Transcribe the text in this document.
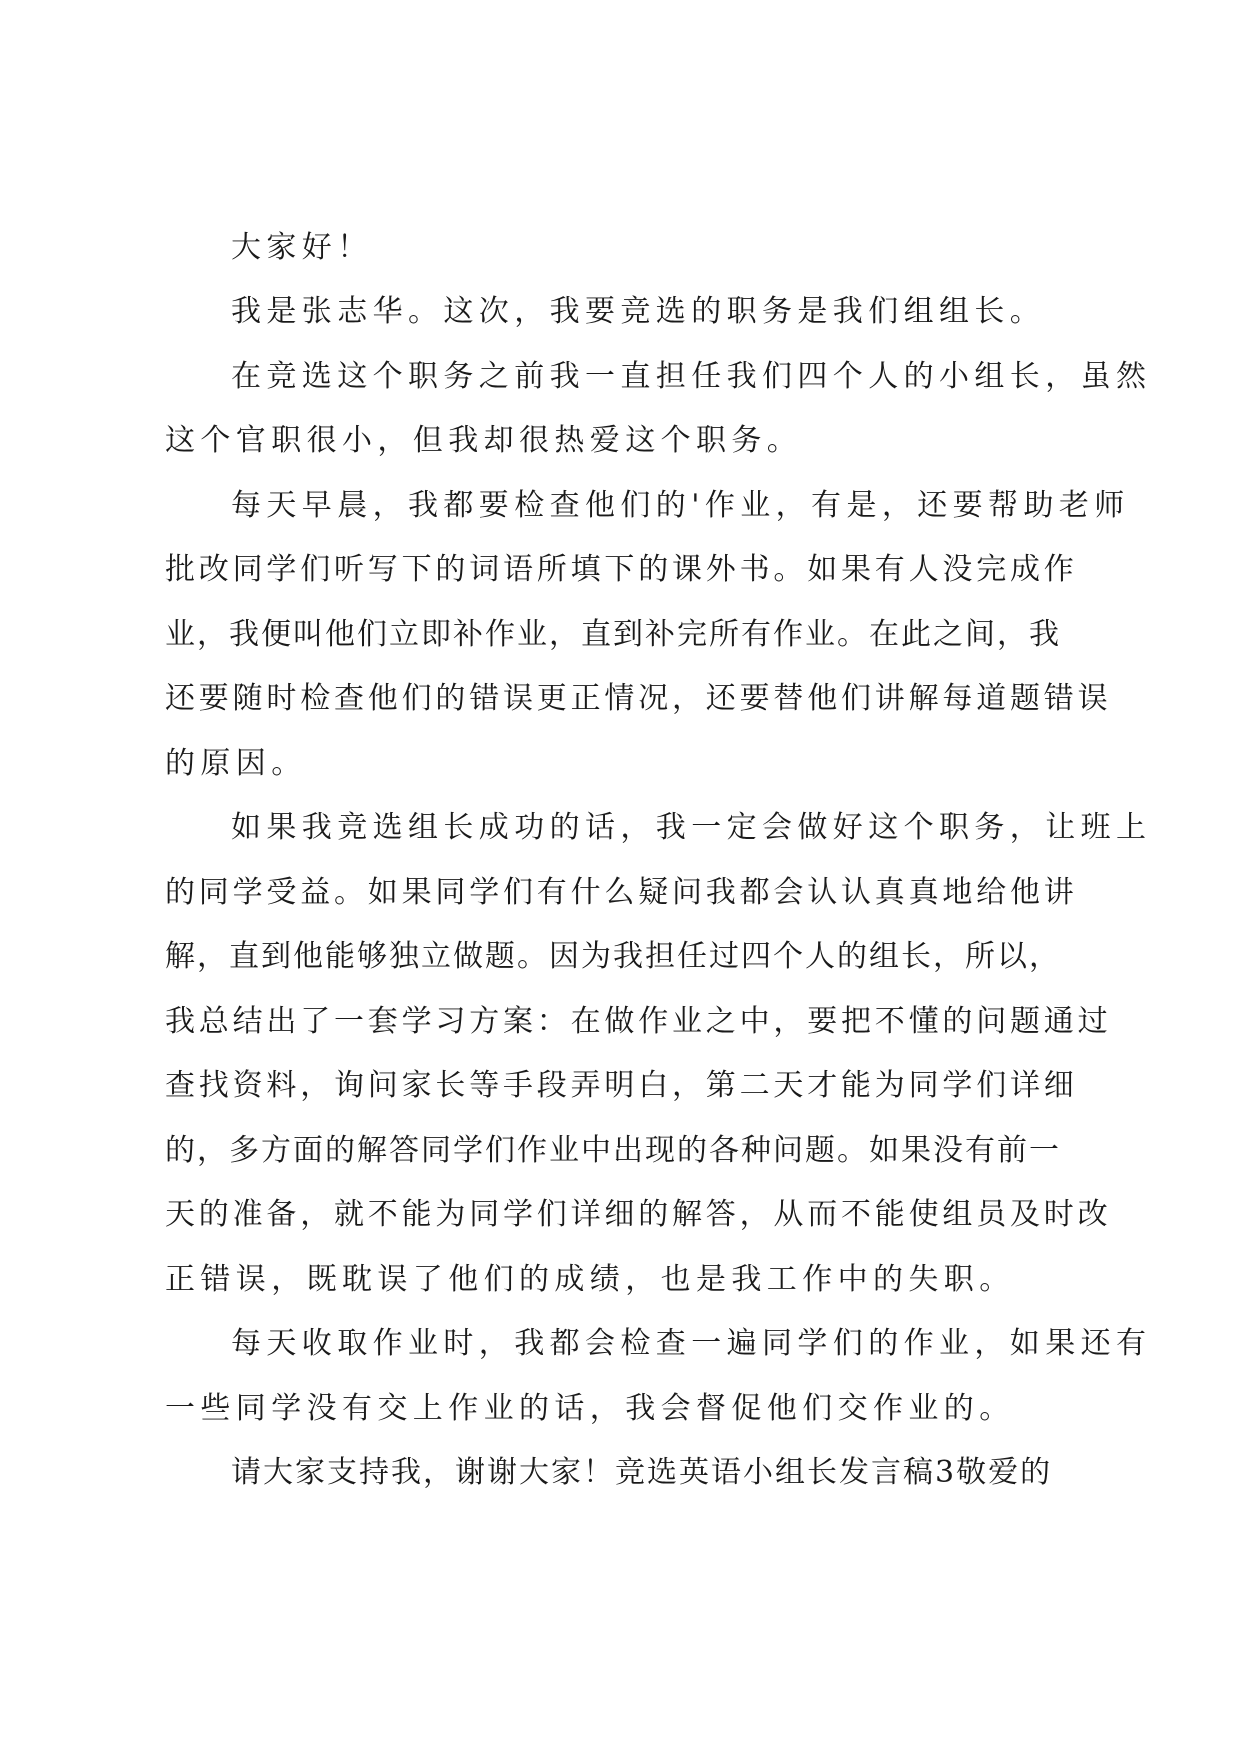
大家好！
我是张志华。这次，我要竞选的职务是我们组组长。
在竞选这个职务之前我一直担任我们四个人的小组长，虽然
这个官职很小，但我却很热爱这个职务。
每天早晨，我都要检查他们的'作业，有是，还要帮助老师
批改同学们听写下的词语所填下的课外书。如果有人没完成作
业，我便叫他们立即补作业，直到补完所有作业。在此之间，我
还要随时检查他们的错误更正情况，还要替他们讲解每道题错误
的原因。
如果我竞选组长成功的话，我一定会做好这个职务，让班上
的同学受益。如果同学们有什么疑问我都会认认真真地给他讲
解，直到他能够独立做题。因为我担任过四个人的组长，所以，
我总结出了一套学习方案：在做作业之中，要把不懂的问题通过
查找资料，询问家长等手段弄明白，第二天才能为同学们详细
的，多方面的解答同学们作业中出现的各种问题。如果没有前一
天的准备，就不能为同学们详细的解答，从而不能使组员及时改
正错误，既耽误了他们的成绩，也是我工作中的失职。
每天收取作业时，我都会检查一遍同学们的作业，如果还有
一些同学没有交上作业的话，我会督促他们交作业的。
请大家支持我，谢谢大家！竞选英语小组长发言稿3敬爱的
